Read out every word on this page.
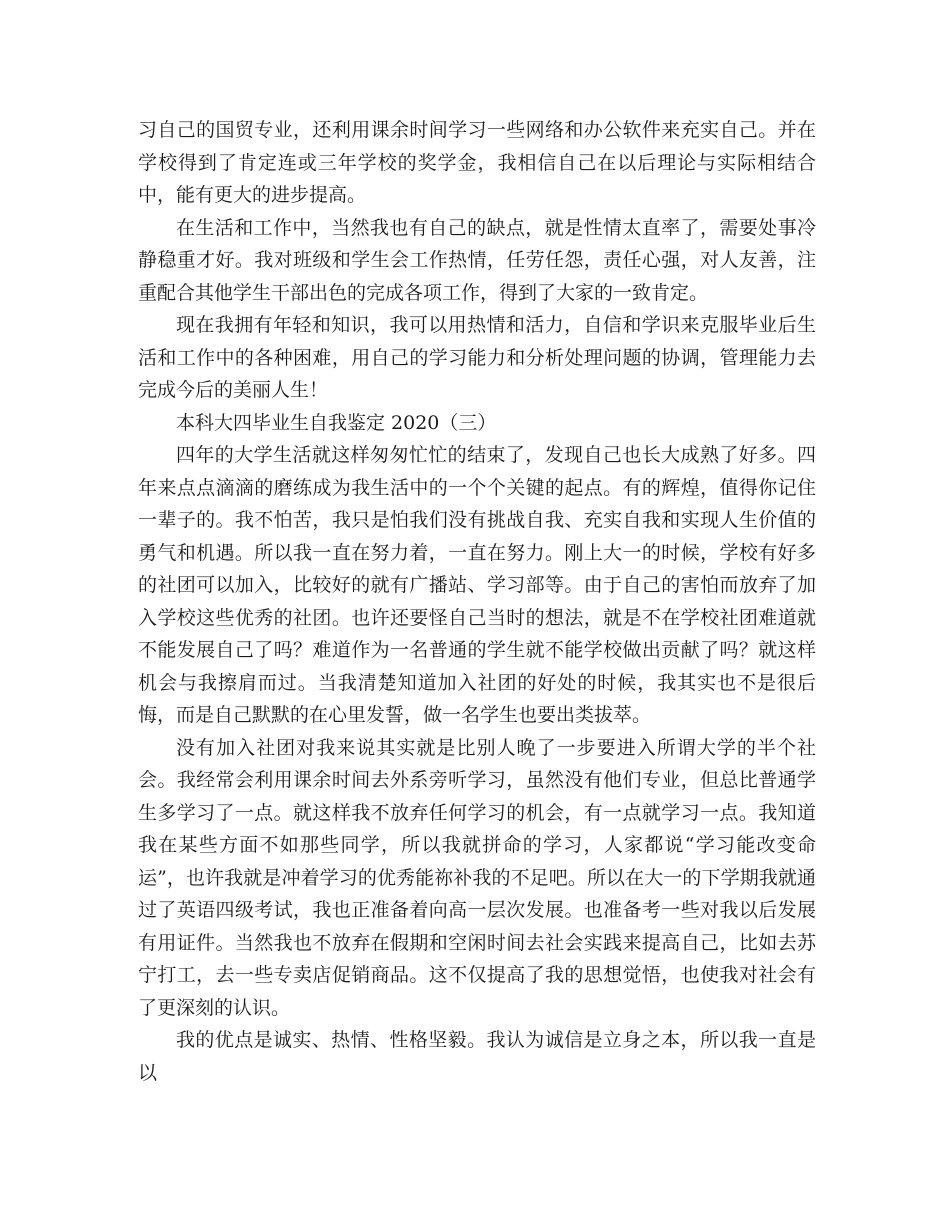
习自己的国贸专业，还利用课余时间学习一些网络和办公软件来充实自己。并在学校得到了肯定连或三年学校的奖学金，我相信自己在以后理论与实际相结合中，能有更大的进步提高。

在生活和工作中，当然我也有自己的缺点，就是性情太直率了，需要处事冷静稳重才好。我对班级和学生会工作热情，任劳任怨，责任心强，对人友善，注重配合其他学生干部出色的完成各项工作，得到了大家的一致肯定。

现在我拥有年轻和知识，我可以用热情和活力，自信和学识来克服毕业后生活和工作中的各种困难，用自己的学习能力和分析处理问题的协调，管理能力去完成今后的美丽人生！

本科大四毕业生自我鉴定 2020（三）

四年的大学生活就这样匆匆忙忙的结束了，发现自己也长大成熟了好多。四年来点点滴滴的磨练成为我生活中的一个个关键的起点。有的辉煌，值得你记住一辈子的。我不怕苦，我只是怕我们没有挑战自我、充实自我和实现人生价值的勇气和机遇。所以我一直在努力着，一直在努力。刚上大一的时候，学校有好多的社团可以加入，比较好的就有广播站、学习部等。由于自己的害怕而放弃了加入学校这些优秀的社团。也许还要怪自己当时的想法，就是不在学校社团难道就不能发展自己了吗？难道作为一名普通的学生就不能学校做出贡献了吗？就这样机会与我擦肩而过。当我清楚知道加入社团的好处的时候，我其实也不是很后悔，而是自己默默的在心里发誓，做一名学生也要出类拔萃。

没有加入社团对我来说其实就是比别人晚了一步要进入所谓大学的半个社会。我经常会利用课余时间去外系旁听学习，虽然没有他们专业，但总比普通学生多学习了一点。就这样我不放弃任何学习的机会，有一点就学习一点。我知道我在某些方面不如那些同学，所以我就拼命的学习，人家都说“学习能改变命运”，也许我就是冲着学习的优秀能祢补我的不足吧。所以在大一的下学期我就通过了英语四级考试，我也正准备着向高一层次发展。也准备考一些对我以后发展有用证件。当然我也不放弃在假期和空闲时间去社会实践来提高自己，比如去苏宁打工，去一些专卖店促销商品。这不仅提高了我的思想觉悟，也使我对社会有了更深刻的认识。

我的优点是诚实、热情、性格坚毅。我认为诚信是立身之本，所以我一直是以
